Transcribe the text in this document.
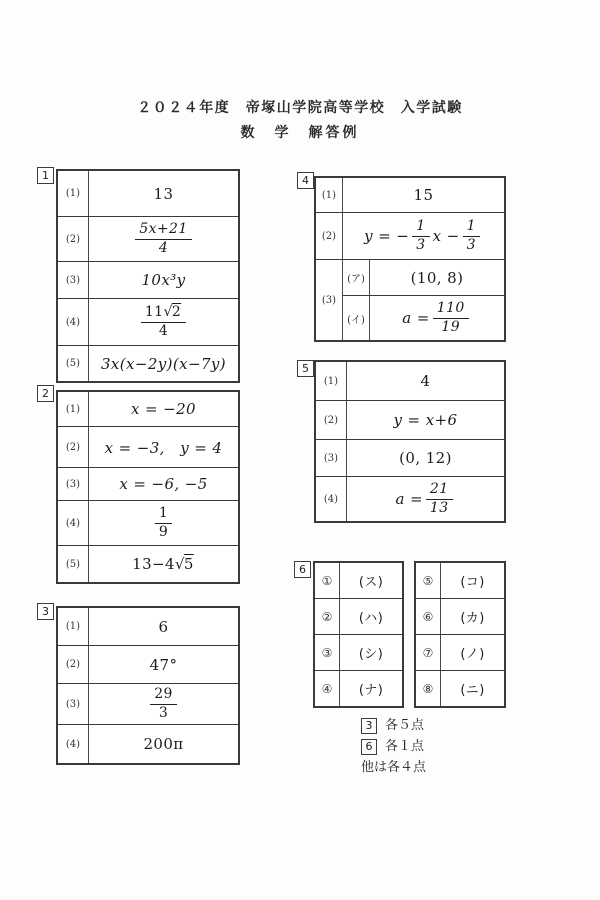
２０２４年度　帝塚山学院高等学校　入学試験
数　学　解答例
1
(1)	13
(2)	$\frac{5x+21}{4}$
(3)	10x³y
(4)	$\frac{11√2}{4}$
(5)	3x(x−2y)(x−7y)
2
(1)	x = −20
(2)	x = −3,　y = 4
(3)	x = −6, −5
(4)	$\frac{1}{9}$
(5)	13−4√5
3
(1)	6
(2)	47°
(3)	$\frac{29}{3}$
(4)	200π
4
(1)	15
(2)	y = − $\frac{1}{3}$ $x - \frac{1}{3}$
(3)
(ア)	(10, 8)
(イ)	$a = \frac{110}{19}$
5
(1)	4
(2)	y = x+6
(3)	(0, 12)
(4)	$a = \frac{21}{13}$
6
①	(ス)
②	(ハ)
③	(シ)
④	(ナ)
⑤	(コ)
⑥	(カ)
⑦	(ノ)
⑧	(ニ)
3 各５点
6 各１点
他は各４点
